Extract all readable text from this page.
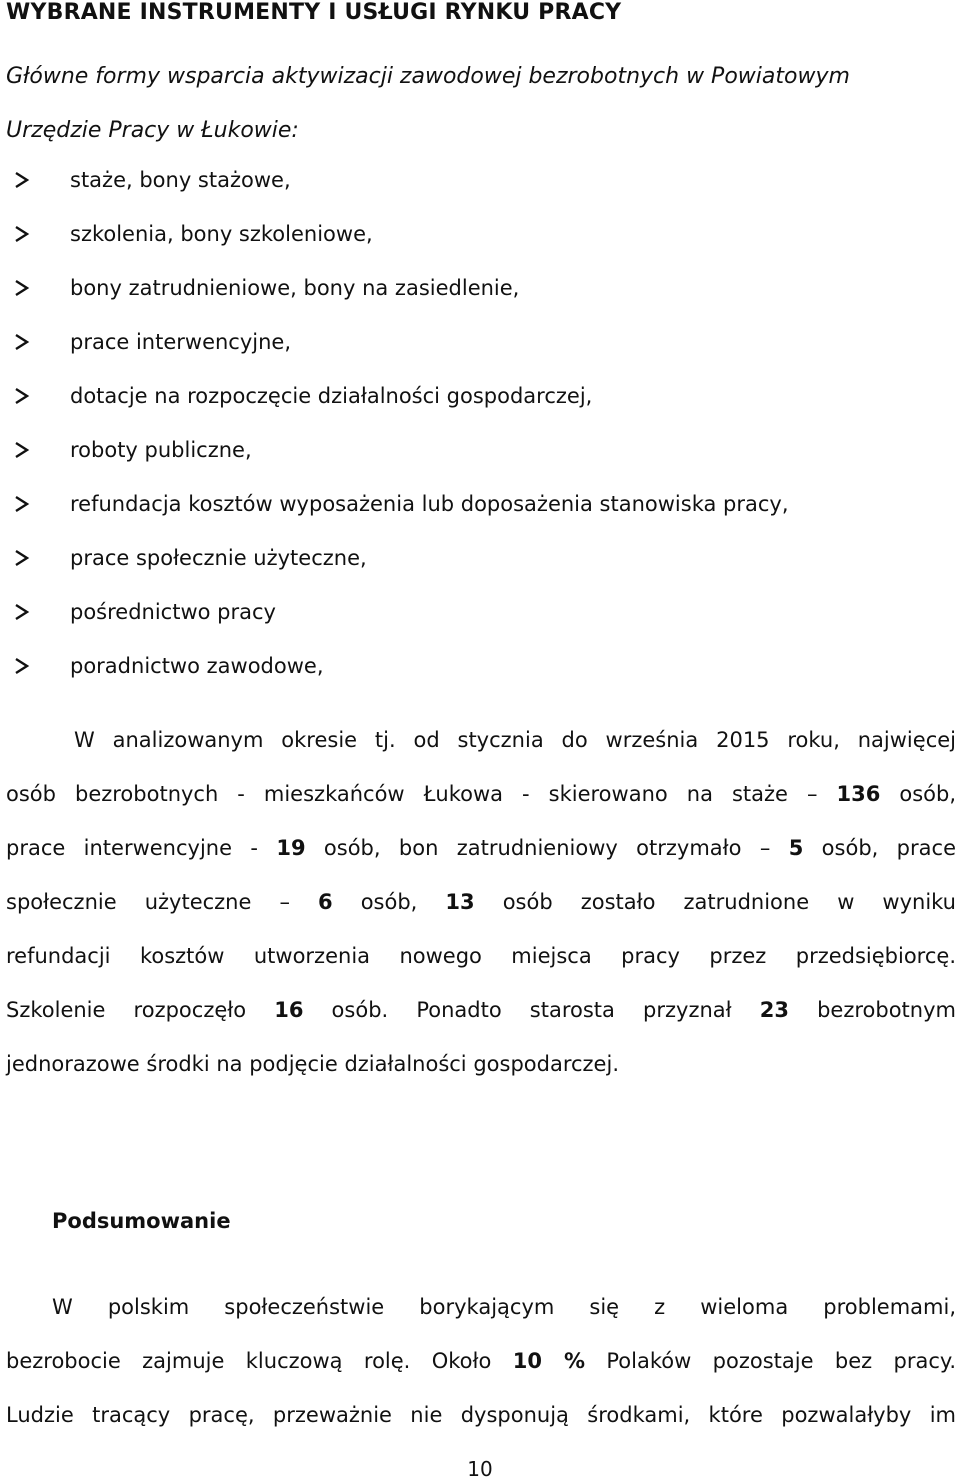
WYBRANE INSTRUMENTY I USŁUGI RYNKU PRACY
Główne formy wsparcia aktywizacji zawodowej bezrobotnych w Powiatowym
Urzędzie Pracy w Łukowie:
staże, bony stażowe,
szkolenia, bony szkoleniowe,
bony zatrudnieniowe, bony na zasiedlenie,
prace interwencyjne,
dotacje na rozpoczęcie działalności gospodarczej,
roboty publiczne,
refundacja kosztów wyposażenia lub doposażenia stanowiska pracy,
prace społecznie użyteczne,
pośrednictwo pracy
poradnictwo zawodowe,
W analizowanym okresie tj. od stycznia do września 2015 roku, najwięcej
osób bezrobotnych - mieszkańców Łukowa - skierowano na staże – 136 osób,
prace interwencyjne - 19 osób, bon zatrudnieniowy otrzymało – 5 osób, prace
społecznie użyteczne – 6 osób, 13 osób zostało zatrudnione w wyniku
refundacji kosztów utworzenia nowego miejsca pracy przez przedsiębiorcę.
Szkolenie rozpoczęło 16 osób. Ponadto starosta przyznał 23 bezrobotnym
jednorazowe środki na podjęcie działalności gospodarczej.
Podsumowanie
W polskim społeczeństwie borykającym się z wieloma problemami,
bezrobocie zajmuje kluczową rolę. Około 10 % Polaków pozostaje bez pracy.
Ludzie tracący pracę, przeważnie nie dysponują środkami, które pozwalałyby im
10
